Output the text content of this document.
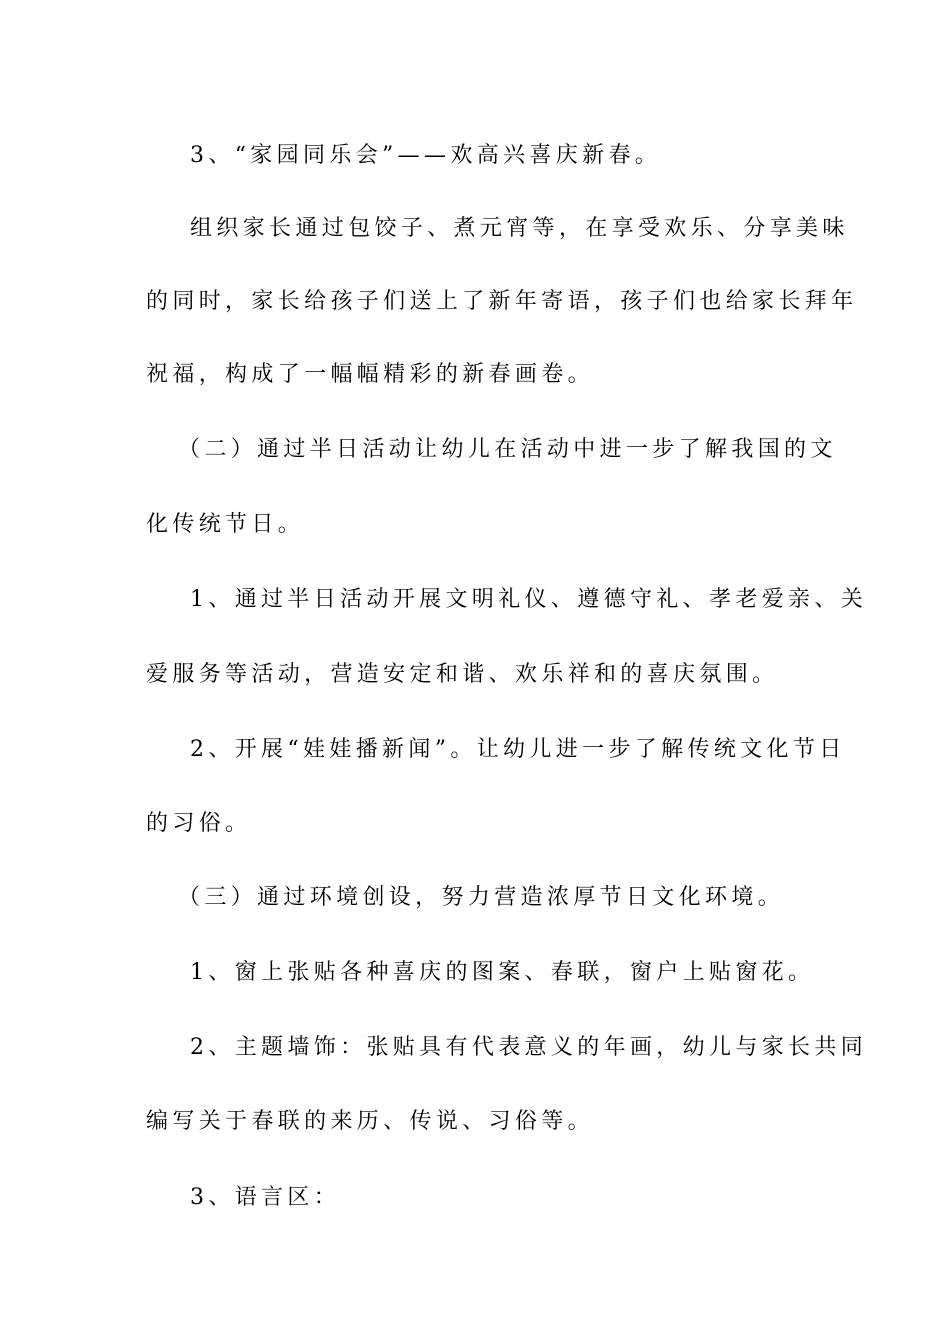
3、“家园同乐会”——欢高兴喜庆新春。
组织家长通过包饺子、煮元宵等，在享受欢乐、分享美味
的同时，家长给孩子们送上了新年寄语，孩子们也给家长拜年
祝福，构成了一幅幅精彩的新春画卷。
（二）通过半日活动让幼儿在活动中进一步了解我国的文
化传统节日。
1、通过半日活动开展文明礼仪、遵德守礼、孝老爱亲、关
爱服务等活动，营造安定和谐、欢乐祥和的喜庆氛围。
2、开展“娃娃播新闻”。让幼儿进一步了解传统文化节日
的习俗。
（三）通过环境创设，努力营造浓厚节日文化环境。
1、窗上张贴各种喜庆的图案、春联，窗户上贴窗花。
2、主题墙饰：张贴具有代表意义的年画，幼儿与家长共同
编写关于春联的来历、传说、习俗等。
3、语言区：
